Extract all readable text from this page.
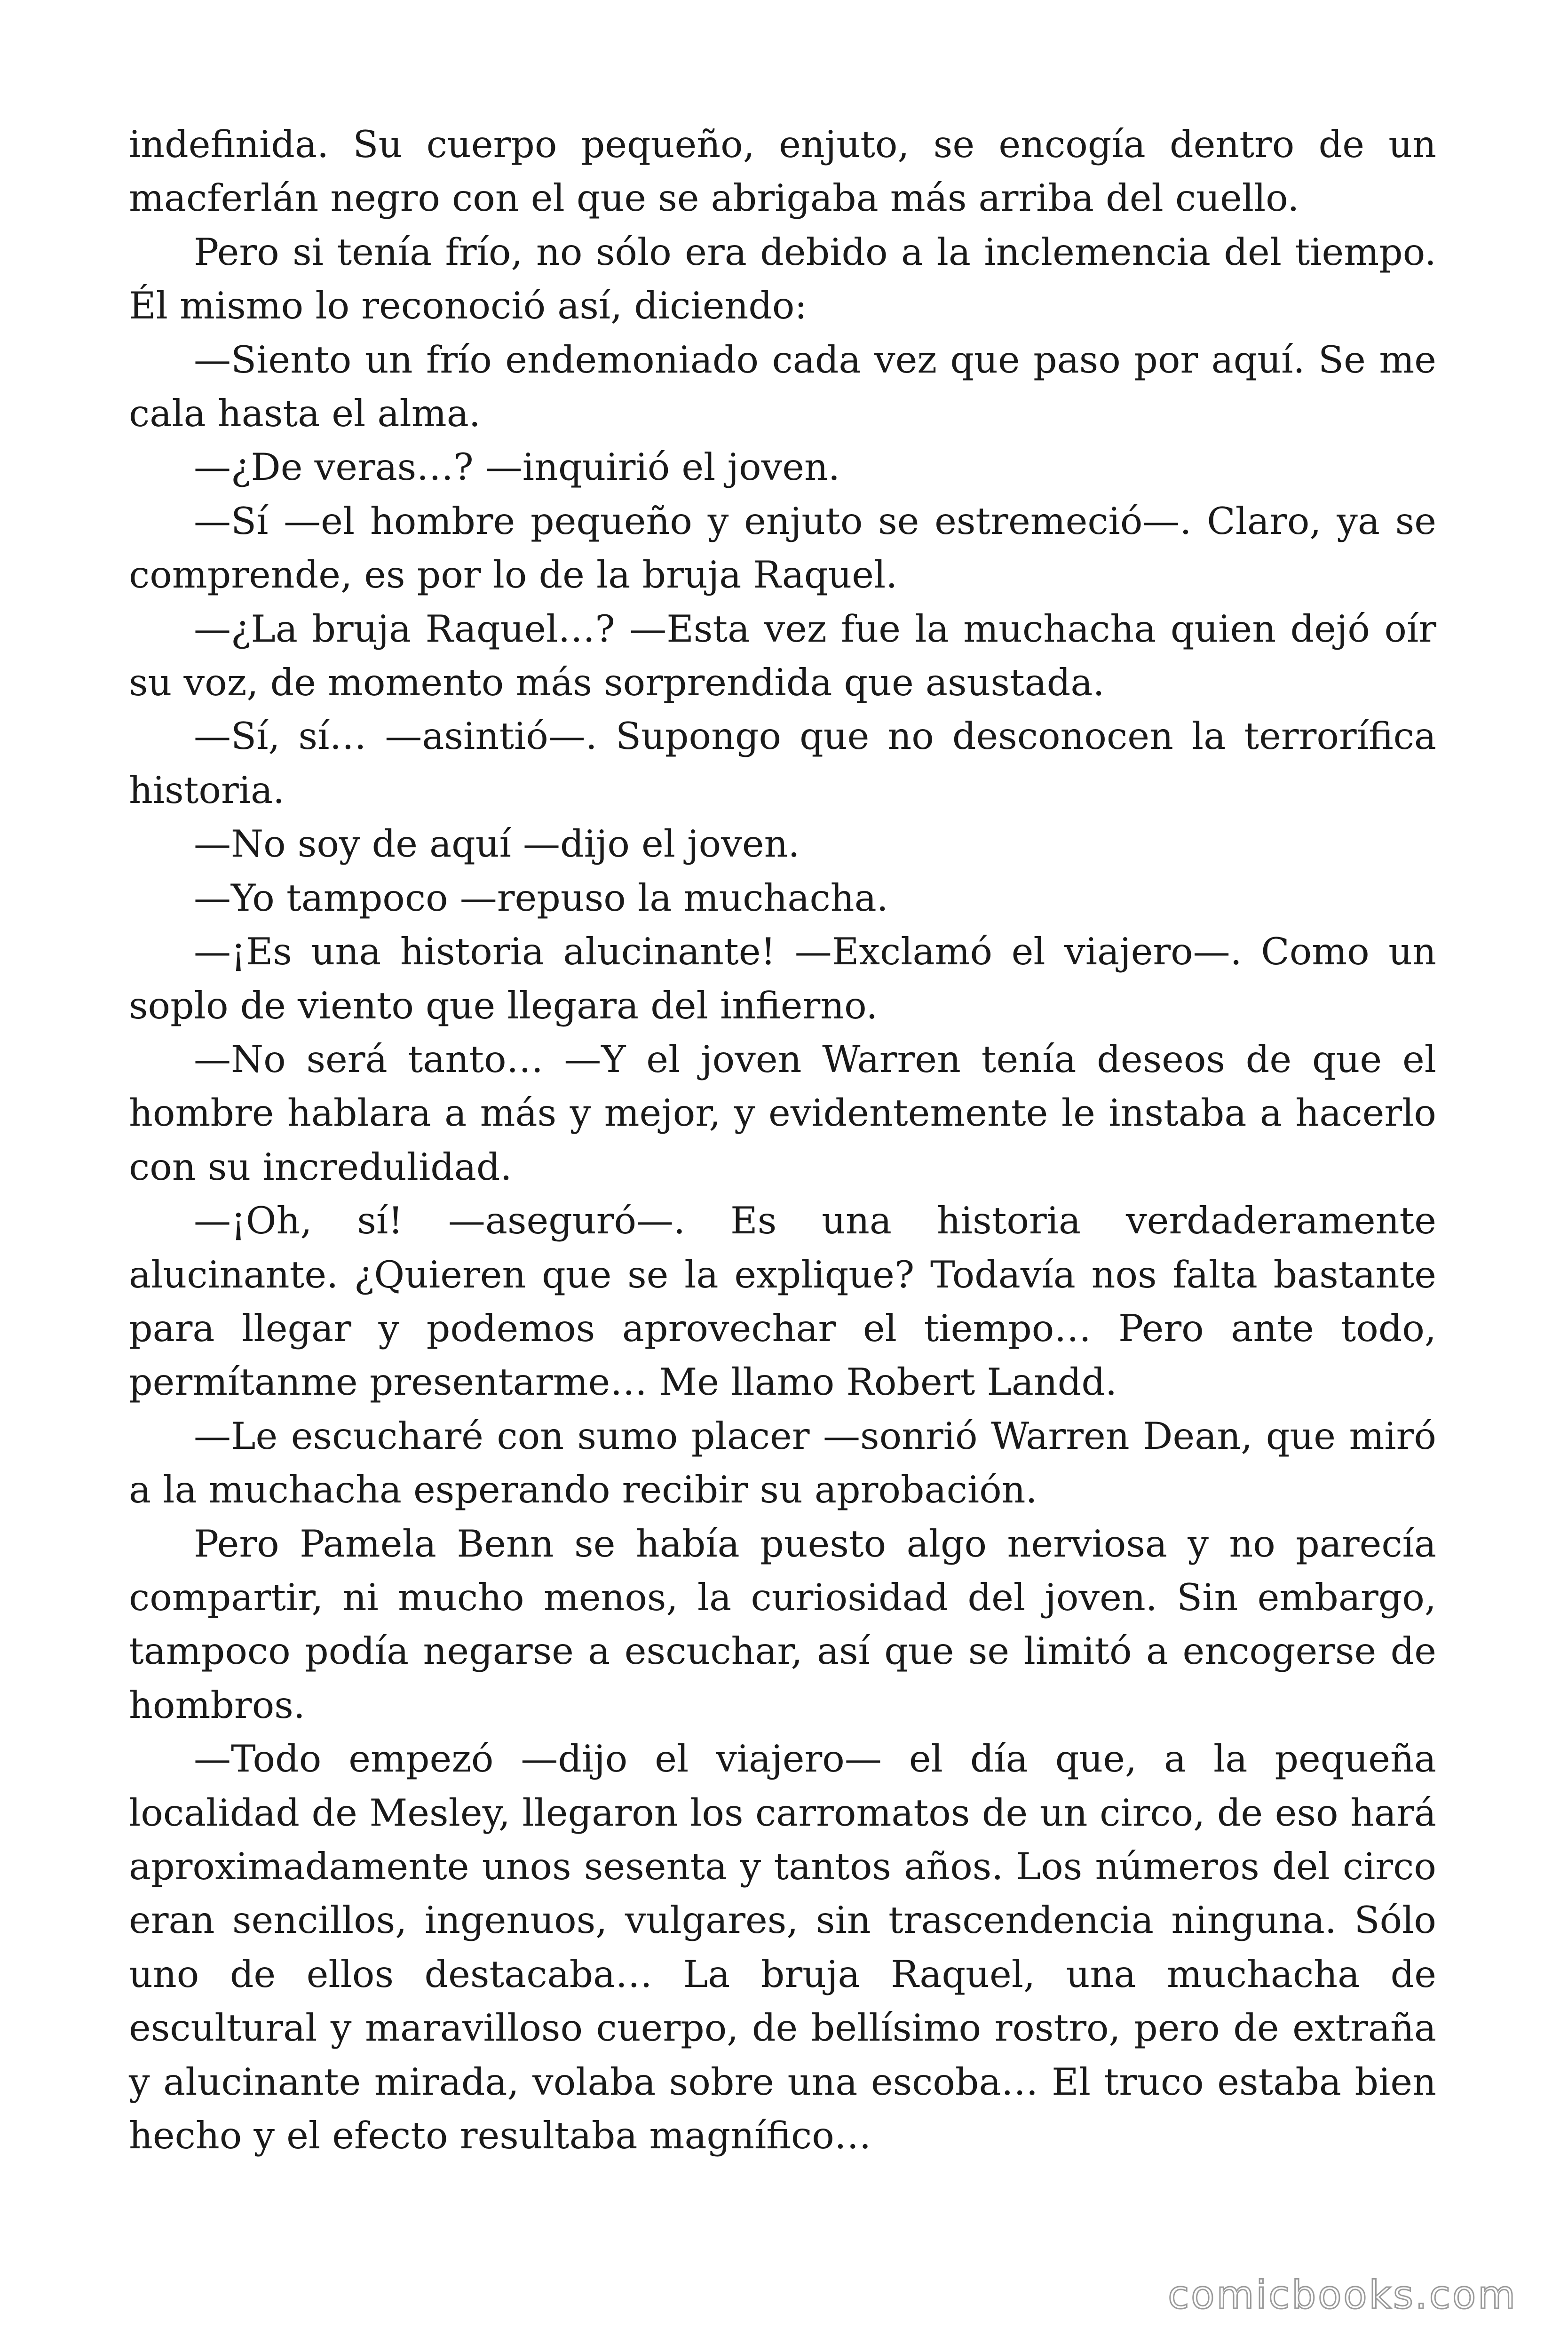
indefinida. Su cuerpo pequeño, enjuto, se encogía dentro de un macferlán negro con el que se abrigaba más arriba del cuello.

Pero si tenía frío, no sólo era debido a la inclemencia del tiempo. Él mismo lo reconoció así, diciendo:

—Siento un frío endemoniado cada vez que paso por aquí. Se me cala hasta el alma.

—¿De veras…? —inquirió el joven.

—Sí —el hombre pequeño y enjuto se estremeció—. Claro, ya se comprende, es por lo de la bruja Raquel.

—¿La bruja Raquel…? —Esta vez fue la muchacha quien dejó oír su voz, de momento más sorprendida que asustada.

—Sí, sí… —asintió—. Supongo que no desconocen la terrorífica historia.

—No soy de aquí —dijo el joven.

—Yo tampoco —repuso la muchacha.

—¡Es una historia alucinante! —Exclamó el viajero—. Como un soplo de viento que llegara del infierno.

—No será tanto… —Y el joven Warren tenía deseos de que el hombre hablara a más y mejor, y evidentemente le instaba a hacerlo con su incredulidad.

—¡Oh, sí! —aseguró—. Es una historia verdaderamente alucinante. ¿Quieren que se la explique? Todavía nos falta bastante para llegar y podemos aprovechar el tiempo… Pero ante todo, permítanme presentarme… Me llamo Robert Landd.

—Le escucharé con sumo placer —sonrió Warren Dean, que miró a la muchacha esperando recibir su aprobación.

Pero Pamela Benn se había puesto algo nerviosa y no parecía compartir, ni mucho menos, la curiosidad del joven. Sin embargo, tampoco podía negarse a escuchar, así que se limitó a encogerse de hombros.

—Todo empezó —dijo el viajero— el día que, a la pequeña localidad de Mesley, llegaron los carromatos de un circo, de eso hará aproximadamente unos sesenta y tantos años. Los números del circo eran sencillos, ingenuos, vulgares, sin trascendencia ninguna. Sólo uno de ellos destacaba… La bruja Raquel, una muchacha de escultural y maravilloso cuerpo, de bellísimo rostro, pero de extraña y alucinante mirada, volaba sobre una escoba… El truco estaba bien hecho y el efecto resultaba magnífico…

comicbooks.com
